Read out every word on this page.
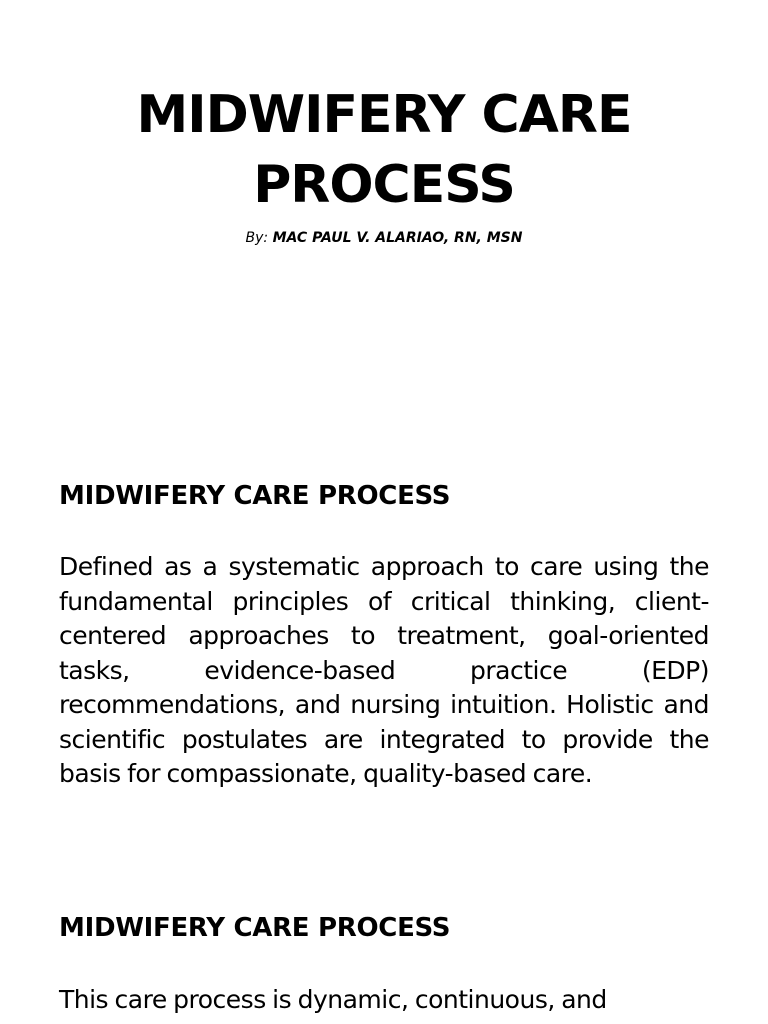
MIDWIFERY CARE
PROCESS

By: MAC PAUL V. ALARIAO, RN, MSN

MIDWIFERY CARE PROCESS

Defined as a systematic approach to care using the fundamental principles of critical thinking, client-centered approaches to treatment, goal-oriented tasks, evidence-based practice (EDP) recommendations, and nursing intuition. Holistic and scientific postulates are integrated to provide the basis for compassionate, quality-based care.

MIDWIFERY CARE PROCESS

This care process is dynamic, continuous, and
